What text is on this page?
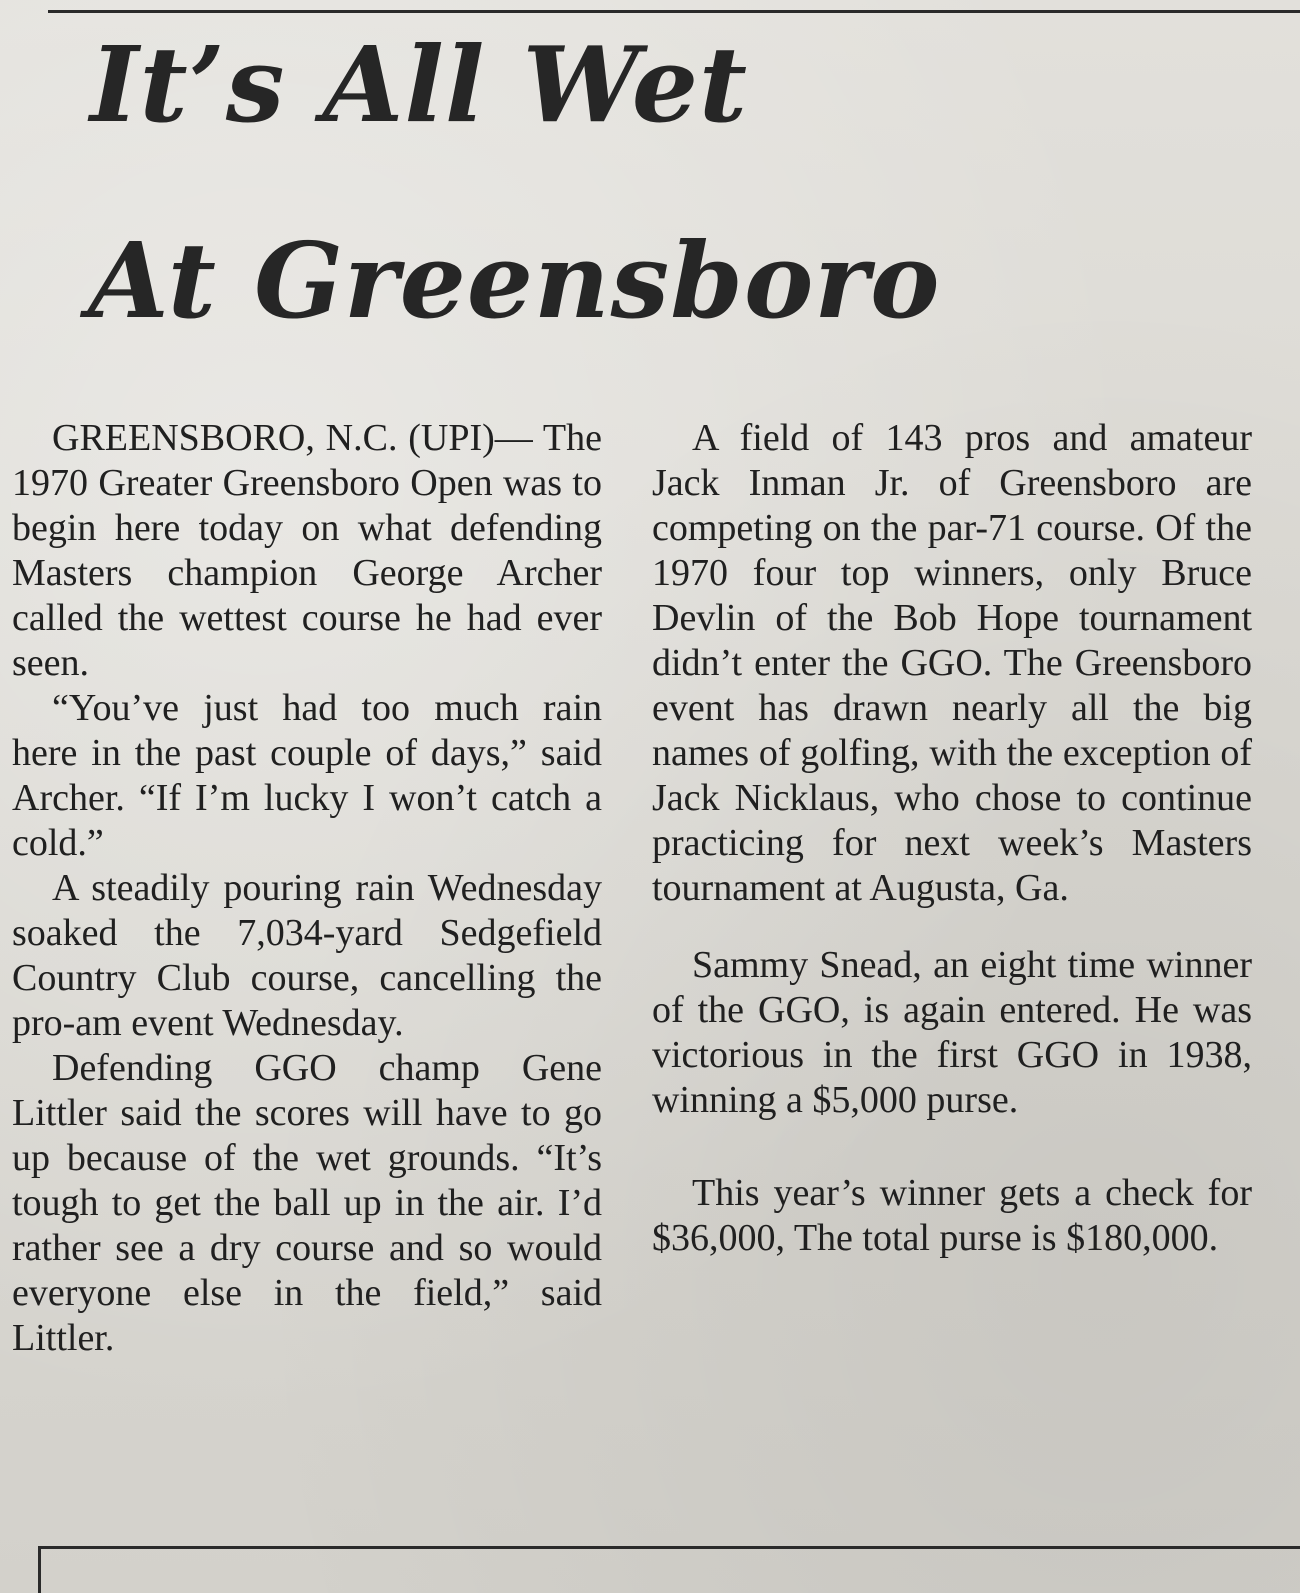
It’s All Wet
At Greensboro

GREENSBORO, N.C. (UPI)— The 1970 Greater Greensboro Open was to begin here today on what defending Masters champion George Archer called the wettest course he had ever seen.

“You’ve just had too much rain here in the past couple of days,” said Archer. “If I’m lucky I won’t catch a cold.”

A steadily pouring rain Wednesday soaked the 7,034-yard Sedgefield Country Club course, cancelling the pro-am event Wednesday.

Defending GGO champ Gene Littler said the scores will have to go up because of the wet grounds. “It’s tough to get the ball up in the air. I’d rather see a dry course and so would everyone else in the field,” said Littler.

A field of 143 pros and amateur Jack Inman Jr. of Greensboro are competing on the par-71 course. Of the 1970 four top winners, only Bruce Devlin of the Bob Hope tournament didn’t enter the GGO. The Greensboro event has drawn nearly all the big names of golfing, with the exception of Jack Nicklaus, who chose to continue practicing for next week’s Masters tournament at Augusta, Ga.

Sammy Snead, an eight time winner of the GGO, is again entered. He was victorious in the first GGO in 1938, winning a $5,000 purse.

This year’s winner gets a check for $36,000, The total purse is $180,000.
